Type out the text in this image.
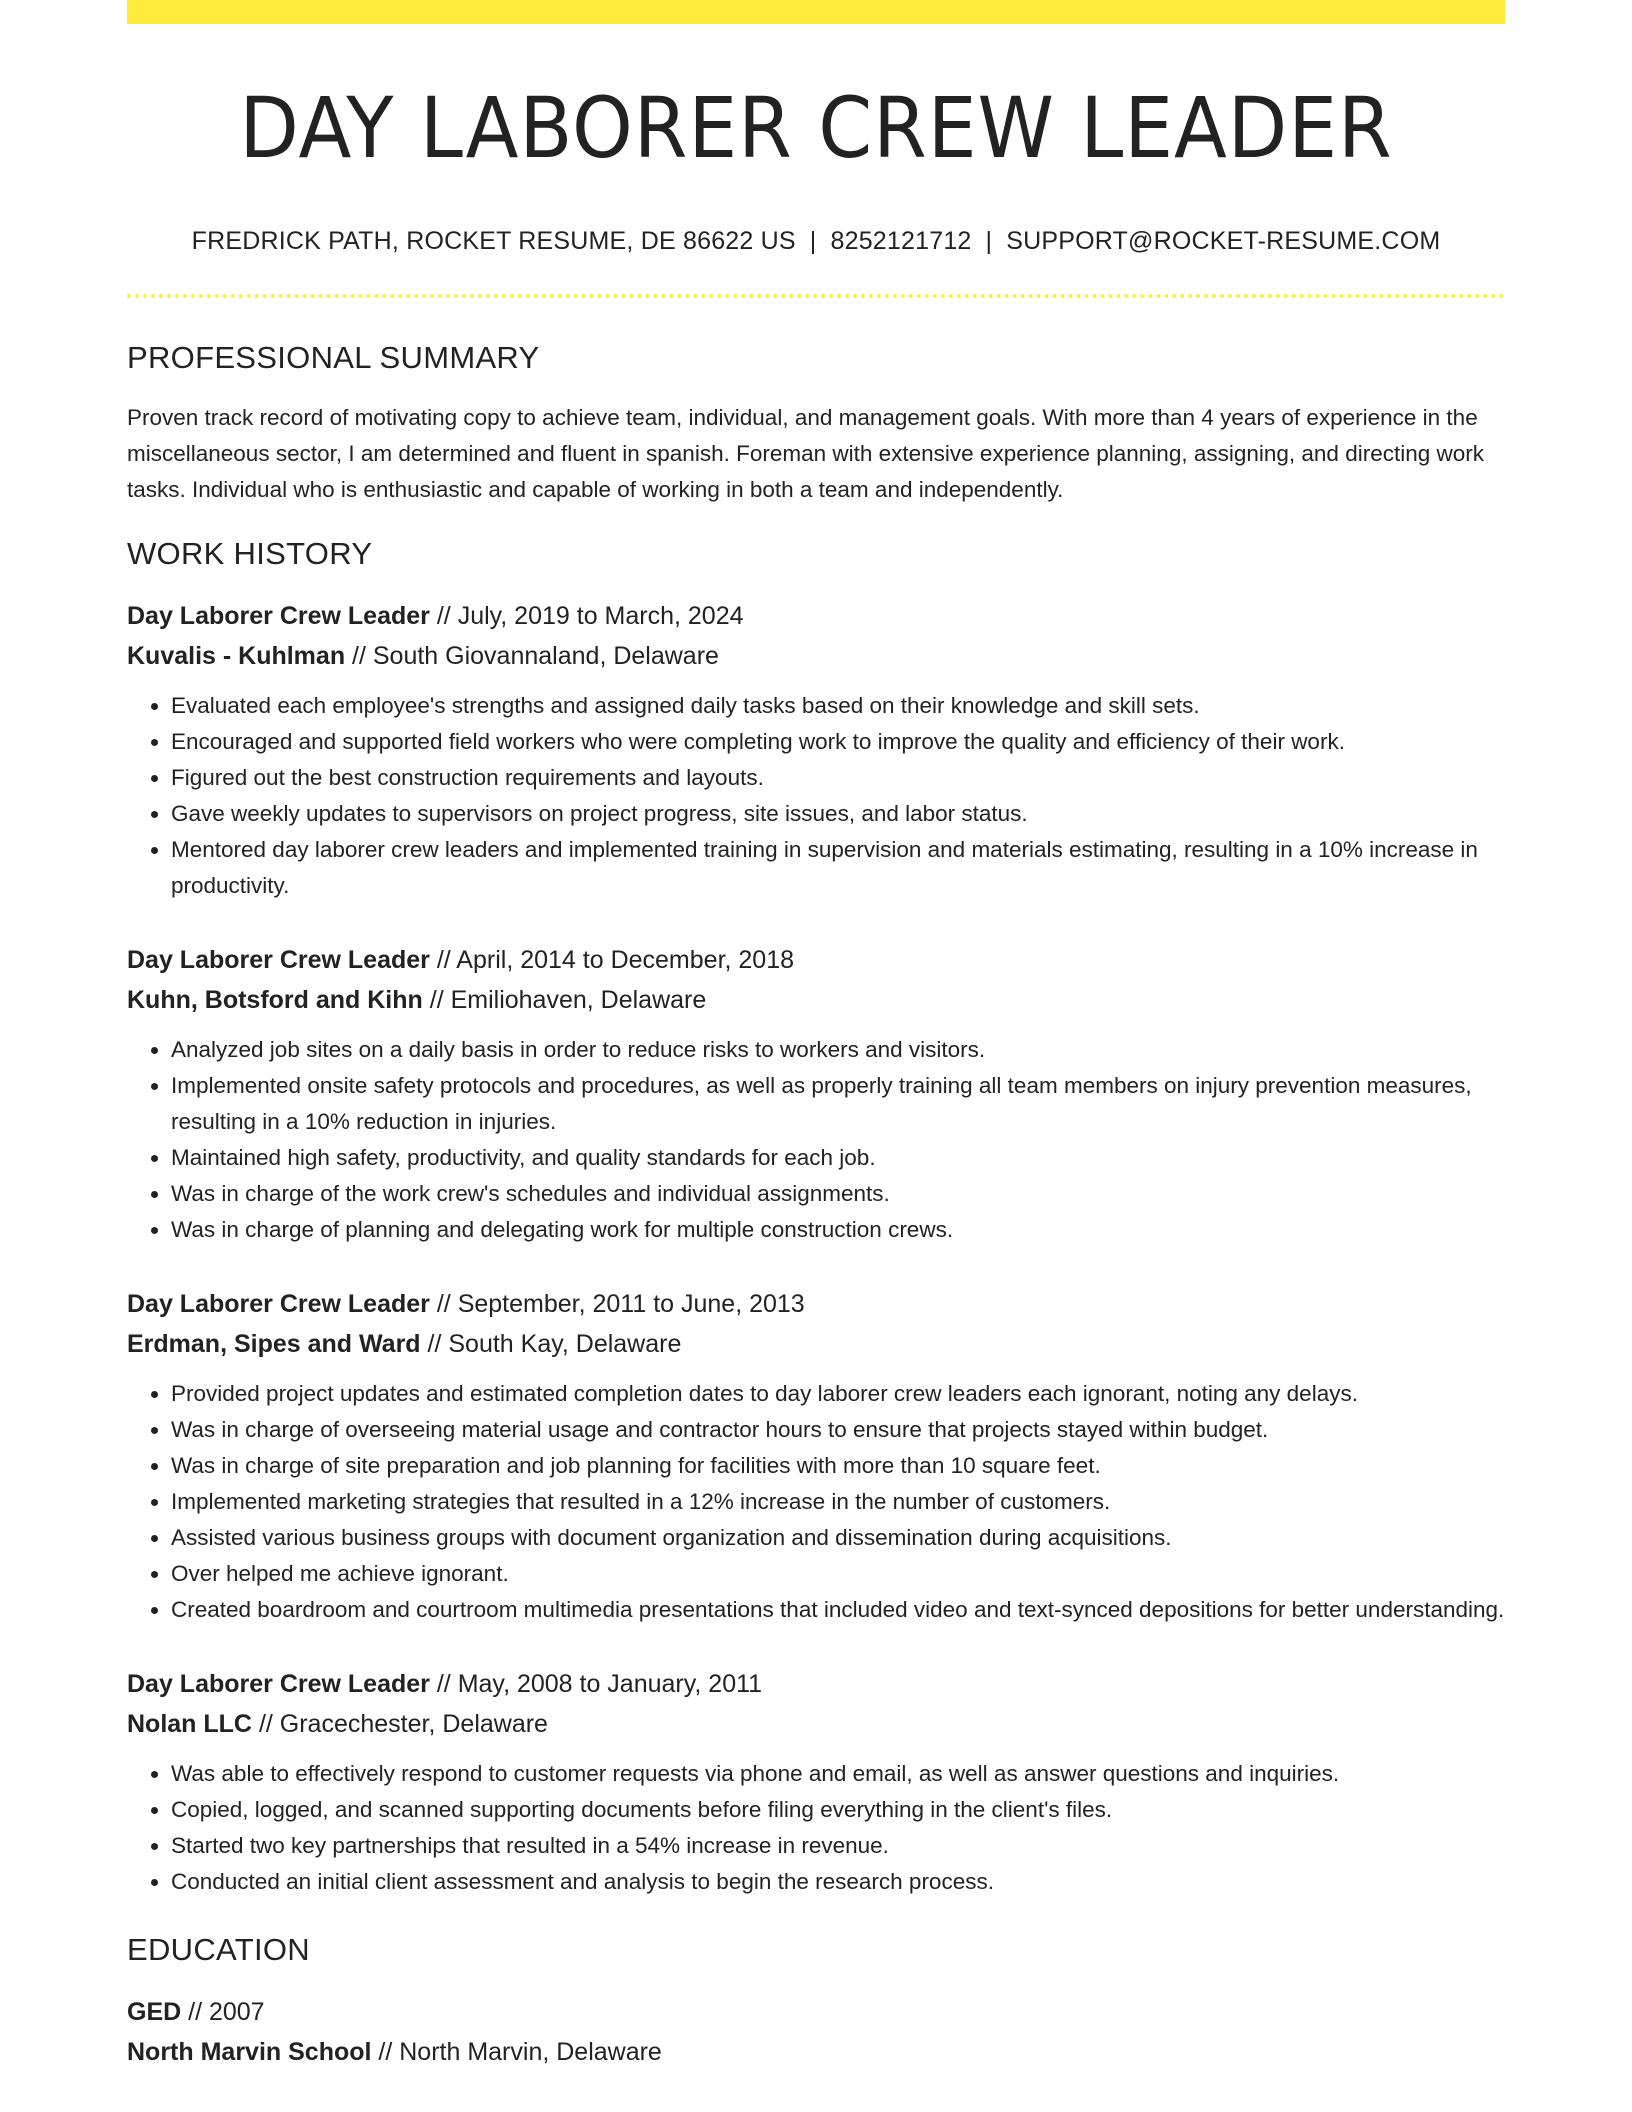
DAY LABORER CREW LEADER
FREDRICK PATH, ROCKET RESUME, DE 86622 US | 8252121712 | SUPPORT@ROCKET-RESUME.COM
PROFESSIONAL SUMMARY

Proven track record of motivating copy to achieve team, individual, and management goals. With more than 4 years of experience in the miscellaneous sector, I am determined and fluent in spanish. Foreman with extensive experience planning, assigning, and directing work tasks. Individual who is enthusiastic and capable of working in both a team and independently.

WORK HISTORY
Day Laborer Crew Leader // July, 2019 to March, 2024
Kuvalis - Kuhlman // South Giovannaland, Delaware
• Evaluated each employee's strengths and assigned daily tasks based on their knowledge and skill sets.
• Encouraged and supported field workers who were completing work to improve the quality and efficiency of their work.
• Figured out the best construction requirements and layouts.
• Gave weekly updates to supervisors on project progress, site issues, and labor status.
• Mentored day laborer crew leaders and implemented training in supervision and materials estimating, resulting in a 10% increase in productivity.
Day Laborer Crew Leader // April, 2014 to December, 2018
Kuhn, Botsford and Kihn // Emiliohaven, Delaware
• Analyzed job sites on a daily basis in order to reduce risks to workers and visitors.
• Implemented onsite safety protocols and procedures, as well as properly training all team members on injury prevention measures, resulting in a 10% reduction in injuries.
• Maintained high safety, productivity, and quality standards for each job.
• Was in charge of the work crew's schedules and individual assignments.
• Was in charge of planning and delegating work for multiple construction crews.
Day Laborer Crew Leader // September, 2011 to June, 2013
Erdman, Sipes and Ward // South Kay, Delaware
• Provided project updates and estimated completion dates to day laborer crew leaders each ignorant, noting any delays.
• Was in charge of overseeing material usage and contractor hours to ensure that projects stayed within budget.
• Was in charge of site preparation and job planning for facilities with more than 10 square feet.
• Implemented marketing strategies that resulted in a 12% increase in the number of customers.
• Assisted various business groups with document organization and dissemination during acquisitions.
• Over helped me achieve ignorant.
• Created boardroom and courtroom multimedia presentations that included video and text-synced depositions for better understanding.
Day Laborer Crew Leader // May, 2008 to January, 2011
Nolan LLC // Gracechester, Delaware
• Was able to effectively respond to customer requests via phone and email, as well as answer questions and inquiries.
• Copied, logged, and scanned supporting documents before filing everything in the client's files.
• Started two key partnerships that resulted in a 54% increase in revenue.
• Conducted an initial client assessment and analysis to begin the research process.
EDUCATION
GED // 2007
North Marvin School // North Marvin, Delaware
